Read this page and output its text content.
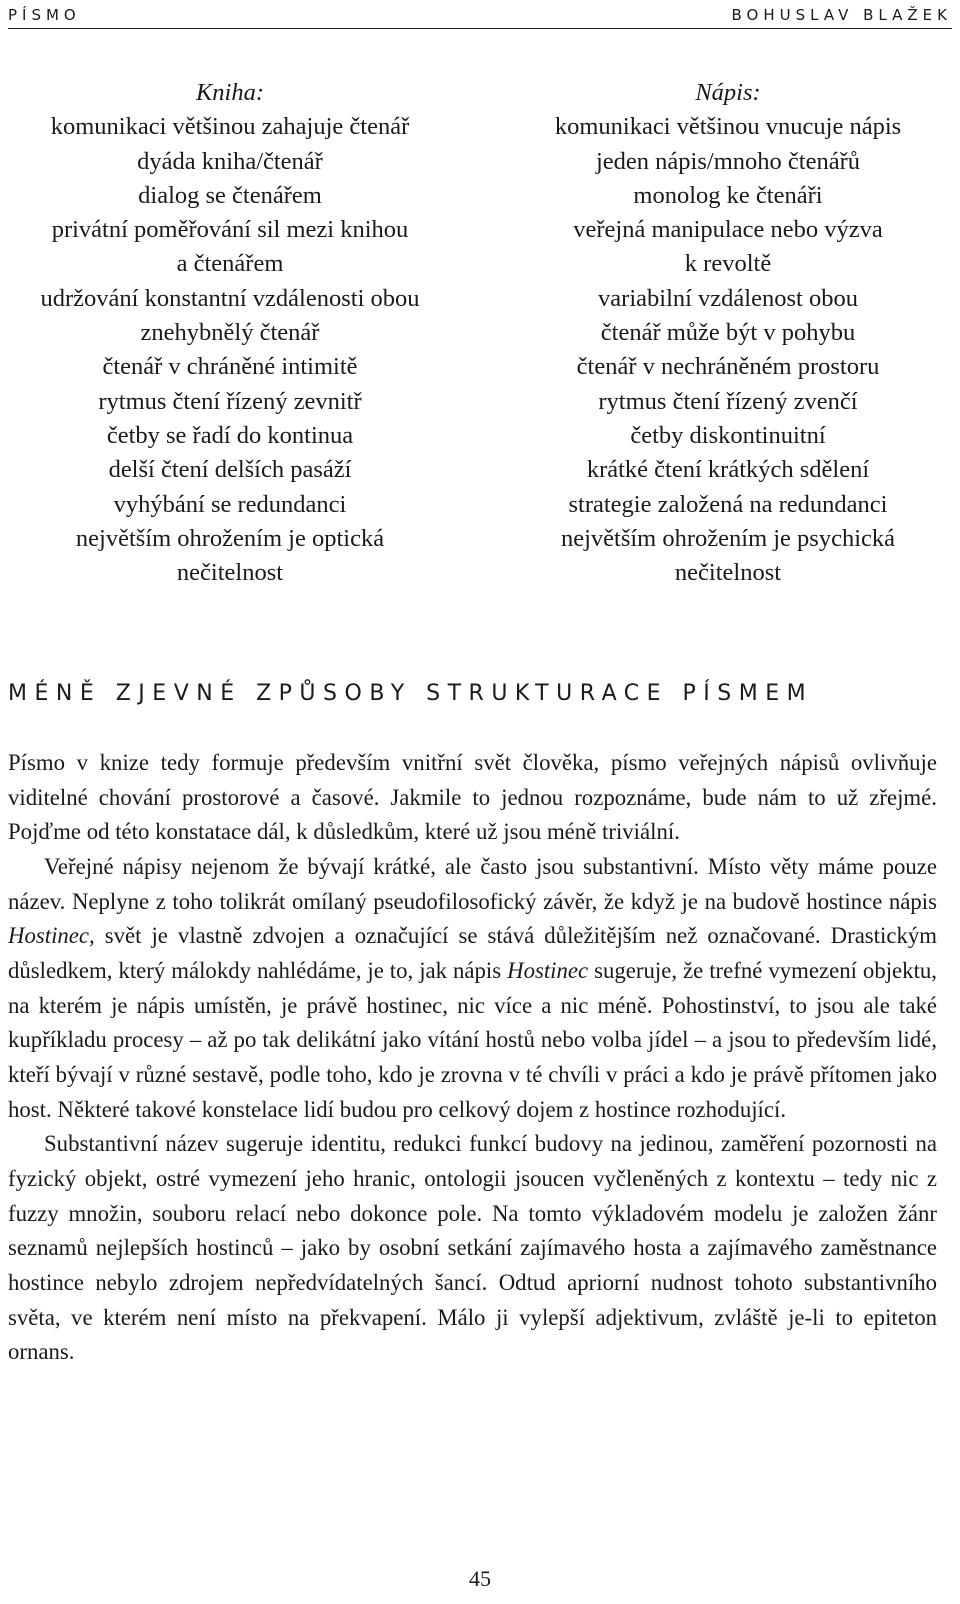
PÍSMO	BOHUSLAV BLAŽEK
Kniha:
komunikaci většinou zahajuje čtenář
dyáda kniha/čtenář
dialog se čtenářem
privátní poměřování sil mezi knihou
a čtenářem
udržování konstantní vzdálenosti obou
znehybnělý čtenář
čtenář v chráněné intimitě
rytmus čtení řízený zevnitř
četby se řadí do kontinua
delší čtení delších pasáží
vyhýbání se redundanci
největším ohrožením je optická
nečitelnost
Nápis:
komunikaci většinou vnucuje nápis
jeden nápis/mnoho čtenářů
monolog ke čtenáři
veřejná manipulace nebo výzva
k revoltě
variabilní vzdálenost obou
čtenář může být v pohybu
čtenář v nechráněném prostoru
rytmus čtení řízený zvenčí
četby diskontinuitní
krátké čtení krátkých sdělení
strategie založená na redundanci
největším ohrožením je psychická
nečitelnost
MÉNĚ ZJEVNÉ ZPŮSOBY STRUKTURACE PÍSMEM

Písmo v knize tedy formuje především vnitřní svět člověka, písmo veřejných nápisů ovlivňuje viditelné chování prostorové a časové. Jakmile to jednou rozpoznáme, bude nám to už zřejmé. Pojďme od této konstatace dál, k důsledkům, které už jsou méně triviální.

Veřejné nápisy nejenom že bývají krátké, ale často jsou substantivní. Místo věty máme pouze název. Neplyne z toho tolikrát omílaný pseudofilosofický závěr, že když je na budově hostince nápis Hostinec, svět je vlastně zdvojen a označující se stává důležitějším než označované. Drastickým důsledkem, který málokdy nahlédáme, je to, jak nápis Hostinec sugeruje, že trefné vymezení objektu, na kterém je nápis umístěn, je právě hostinec, nic více a nic méně. Pohostinství, to jsou ale také kupříkladu procesy – až po tak delikátní jako vítání hostů nebo volba jídel – a jsou to především lidé, kteří bývají v různé sestavě, podle toho, kdo je zrovna v té chvíli v práci a kdo je právě přítomen jako host. Některé takové konstelace lidí budou pro celkový dojem z hostince rozhodující.

Substantivní název sugeruje identitu, redukci funkcí budovy na jedinou, zaměření pozornosti na fyzický objekt, ostré vymezení jeho hranic, ontologii jsoucen vyčleněných z kontextu – tedy nic z fuzzy množin, souboru relací nebo dokonce pole. Na tomto výkladovém modelu je založen žánr seznamů nejlepších hostinců – jako by osobní setkání zajímavého hosta a zajímavého zaměstnance hostince nebylo zdrojem nepředvídatelných šancí. Odtud apriorní nudnost tohoto substantivního světa, ve kterém není místo na překvapení. Málo ji vylepší adjektivum, zvláště je-li to epiteton ornans.

45
